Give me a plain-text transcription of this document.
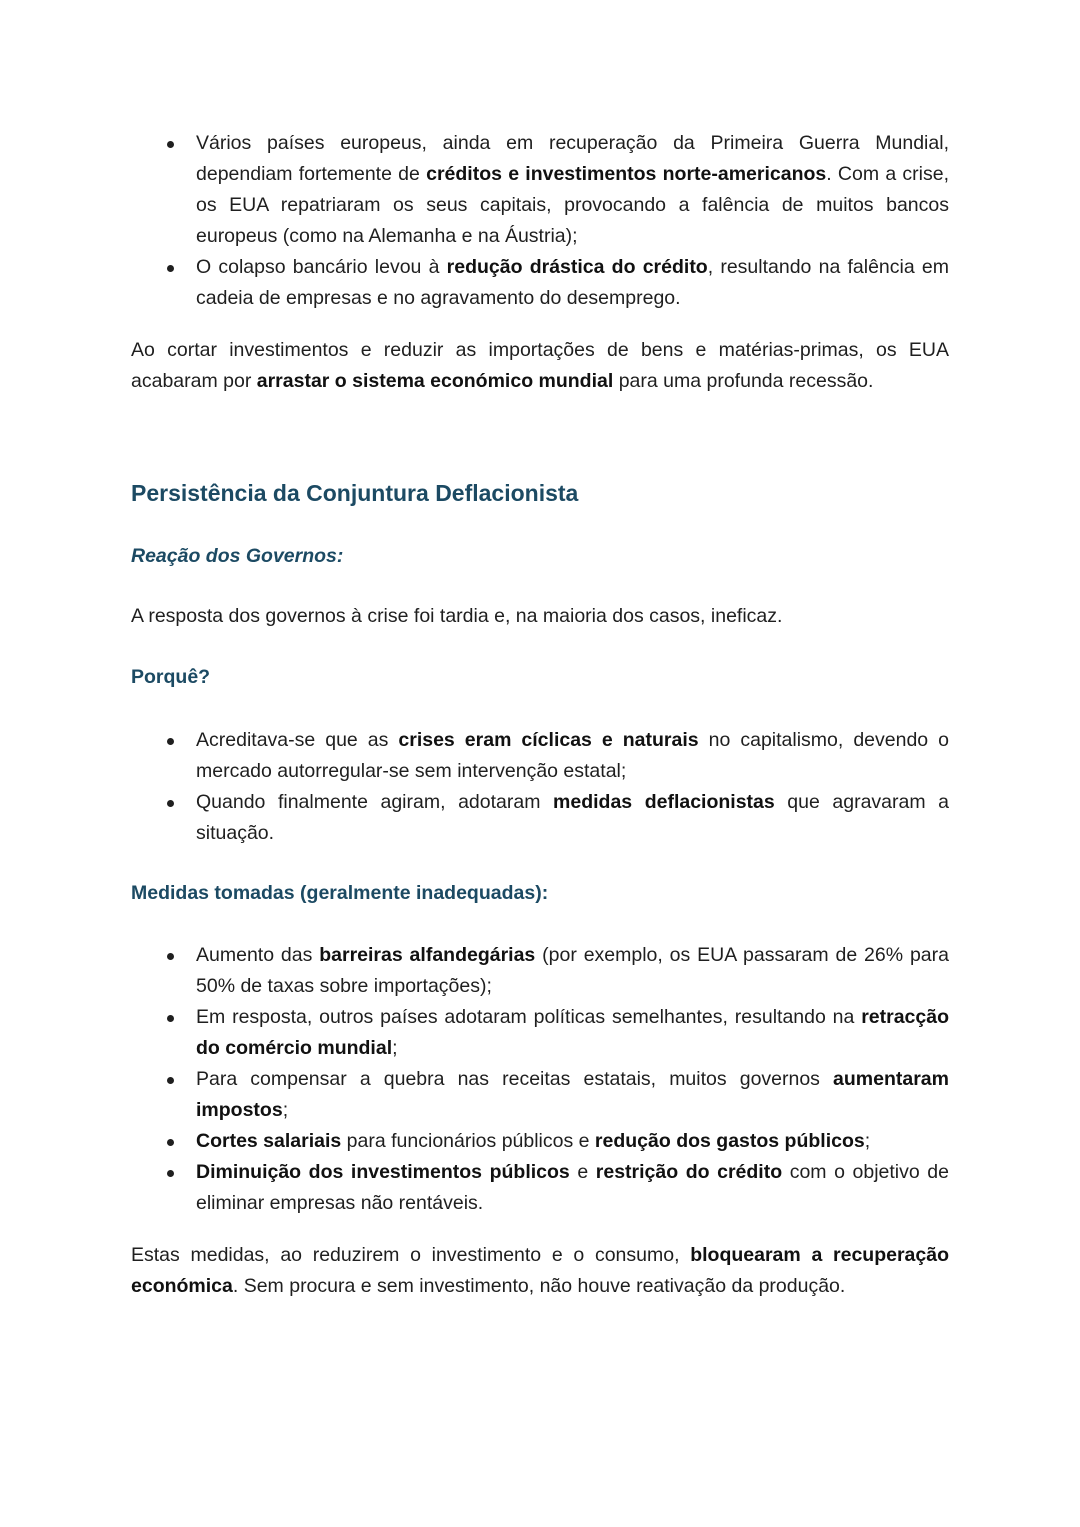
Vários países europeus, ainda em recuperação da Primeira Guerra Mundial, dependiam fortemente de créditos e investimentos norte-americanos. Com a crise, os EUA repatriaram os seus capitais, provocando a falência de muitos bancos europeus (como na Alemanha e na Áustria);
O colapso bancário levou à redução drástica do crédito, resultando na falência em cadeia de empresas e no agravamento do desemprego.

Ao cortar investimentos e reduzir as importações de bens e matérias-primas, os EUA acabaram por arrastar o sistema económico mundial para uma profunda recessão.

Persistência da Conjuntura Deflacionista
Reação dos Governos:

A resposta dos governos à crise foi tardia e, na maioria dos casos, ineficaz.

Porquê?
Acreditava-se que as crises eram cíclicas e naturais no capitalismo, devendo o mercado autorregular-se sem intervenção estatal;
Quando finalmente agiram, adotaram medidas deflacionistas que agravaram a situação.
Medidas tomadas (geralmente inadequadas):
Aumento das barreiras alfandegárias (por exemplo, os EUA passaram de 26% para 50% de taxas sobre importações);
Em resposta, outros países adotaram políticas semelhantes, resultando na retracção do comércio mundial;
Para compensar a quebra nas receitas estatais, muitos governos aumentaram impostos;
Cortes salariais para funcionários públicos e redução dos gastos públicos;
Diminuição dos investimentos públicos e restrição do crédito com o objetivo de eliminar empresas não rentáveis.

Estas medidas, ao reduzirem o investimento e o consumo, bloquearam a recuperação económica. Sem procura e sem investimento, não houve reativação da produção.
